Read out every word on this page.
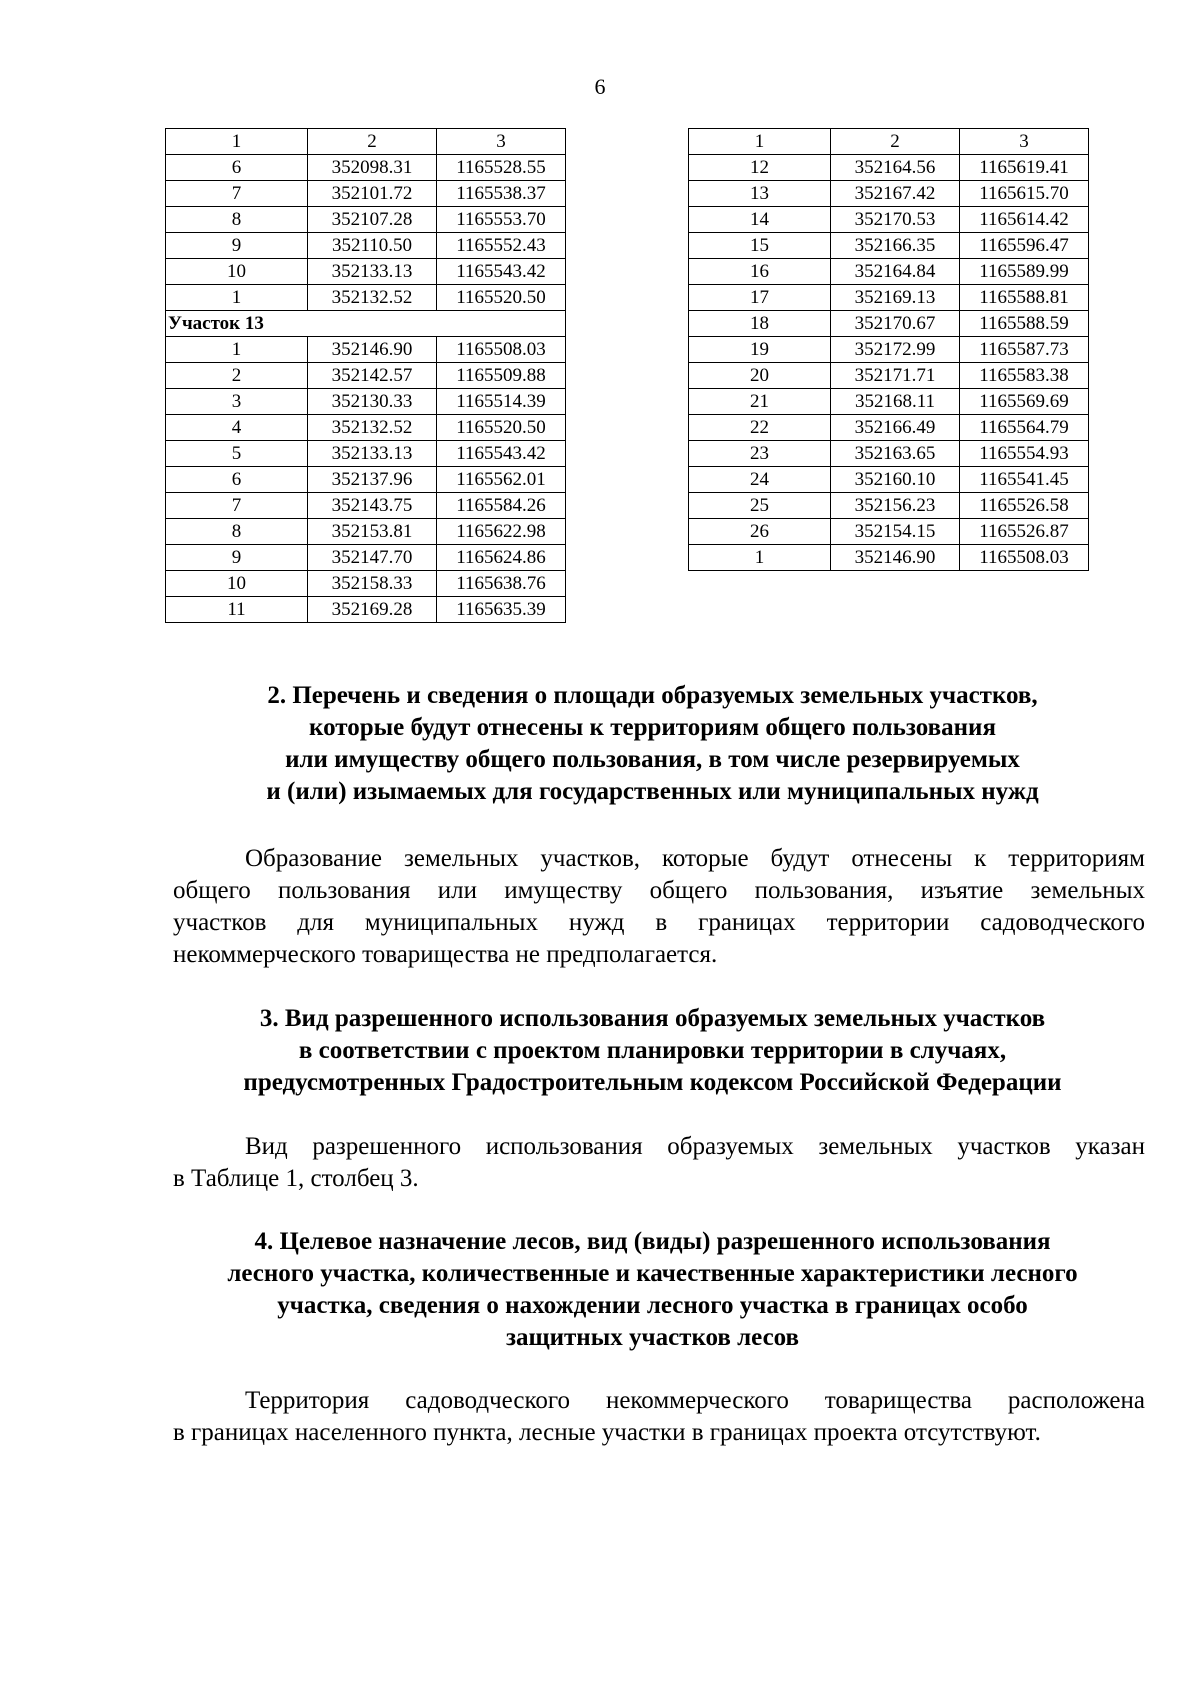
6
1	2	3
6	352098.31	1165528.55
7	352101.72	1165538.37
8	352107.28	1165553.70
9	352110.50	1165552.43
10	352133.13	1165543.42
1	352132.52	1165520.50
Участок 13		
1	352146.90	1165508.03
2	352142.57	1165509.88
3	352130.33	1165514.39
4	352132.52	1165520.50
5	352133.13	1165543.42
6	352137.96	1165562.01
7	352143.75	1165584.26
8	352153.81	1165622.98
9	352147.70	1165624.86
10	352158.33	1165638.76
11	352169.28	1165635.39
1	2	3
12	352164.56	1165619.41
13	352167.42	1165615.70
14	352170.53	1165614.42
15	352166.35	1165596.47
16	352164.84	1165589.99
17	352169.13	1165588.81
18	352170.67	1165588.59
19	352172.99	1165587.73
20	352171.71	1165583.38
21	352168.11	1165569.69
22	352166.49	1165564.79
23	352163.65	1165554.93
24	352160.10	1165541.45
25	352156.23	1165526.58
26	352154.15	1165526.87
1	352146.90	1165508.03
2. Перечень и сведения о площади образуемых земельных участков,
которые будут отнесены к территориям общего пользования
или имуществу общего пользования, в том числе резервируемых
и (или) изымаемых для государственных или муниципальных нужд
Образование земельных участков, которые будут отнесены к территориям
общего пользования или имуществу общего пользования, изъятие земельных
участков для муниципальных нужд в границах территории садоводческого
некоммерческого товарищества не предполагается.
3. Вид разрешенного использования образуемых земельных участков
в соответствии с проектом планировки территории в случаях,
предусмотренных Градостроительным кодексом Российской Федерации
Вид разрешенного использования образуемых земельных участков указан
в Таблице 1, столбец 3.
4. Целевое назначение лесов, вид (виды) разрешенного использования
лесного участка, количественные и качественные характеристики лесного
участка, сведения о нахождении лесного участка в границах особо
защитных участков лесов
Территория садоводческого некоммерческого товарищества расположена
в границах населенного пункта, лесные участки в границах проекта отсутствуют.
